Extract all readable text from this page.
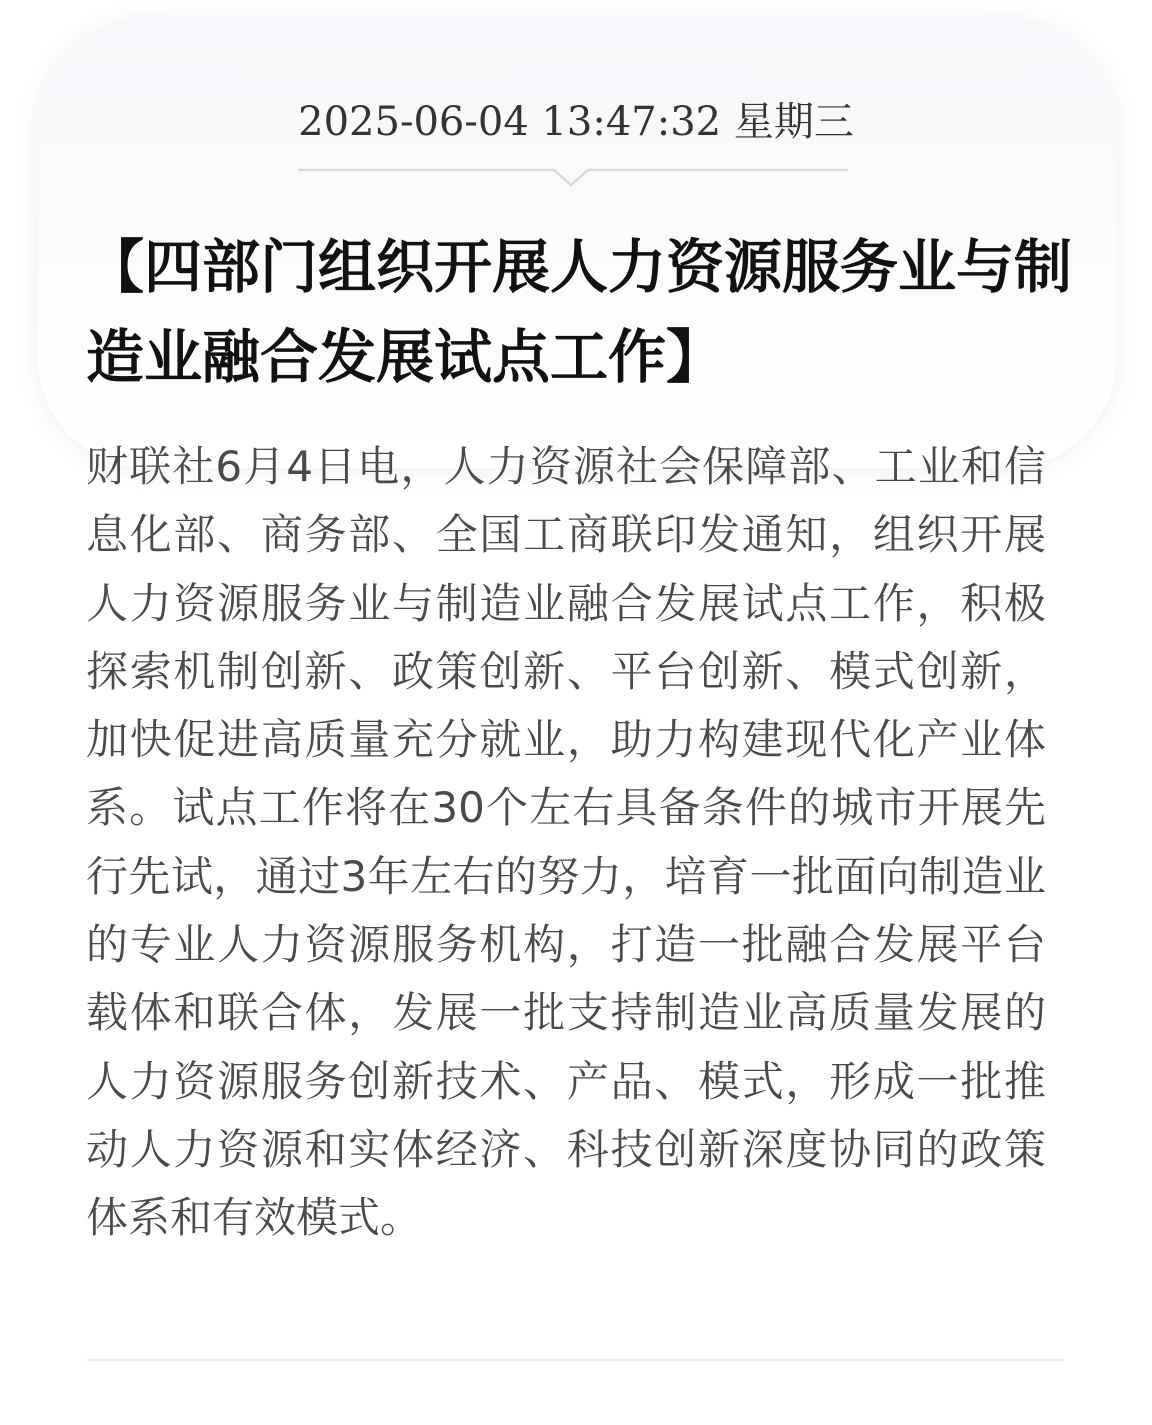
2025-06-04 13:47:32 星期三
【四部门组织开展人力资源服务业与制造业融合发展试点工作】

财联社6月4日电，人力资源社会保障部、工业和信息化部、商务部、全国工商联印发通知，组织开展人力资源服务业与制造业融合发展试点工作，积极探索机制创新、政策创新、平台创新、模式创新，加快促进高质量充分就业，助力构建现代化产业体系。试点工作将在30个左右具备条件的城市开展先行先试，通过3年左右的努力，培育一批面向制造业的专业人力资源服务机构，打造一批融合发展平台载体和联合体，发展一批支持制造业高质量发展的人力资源服务创新技术、产品、模式，形成一批推动人力资源和实体经济、科技创新深度协同的政策体系和有效模式。
